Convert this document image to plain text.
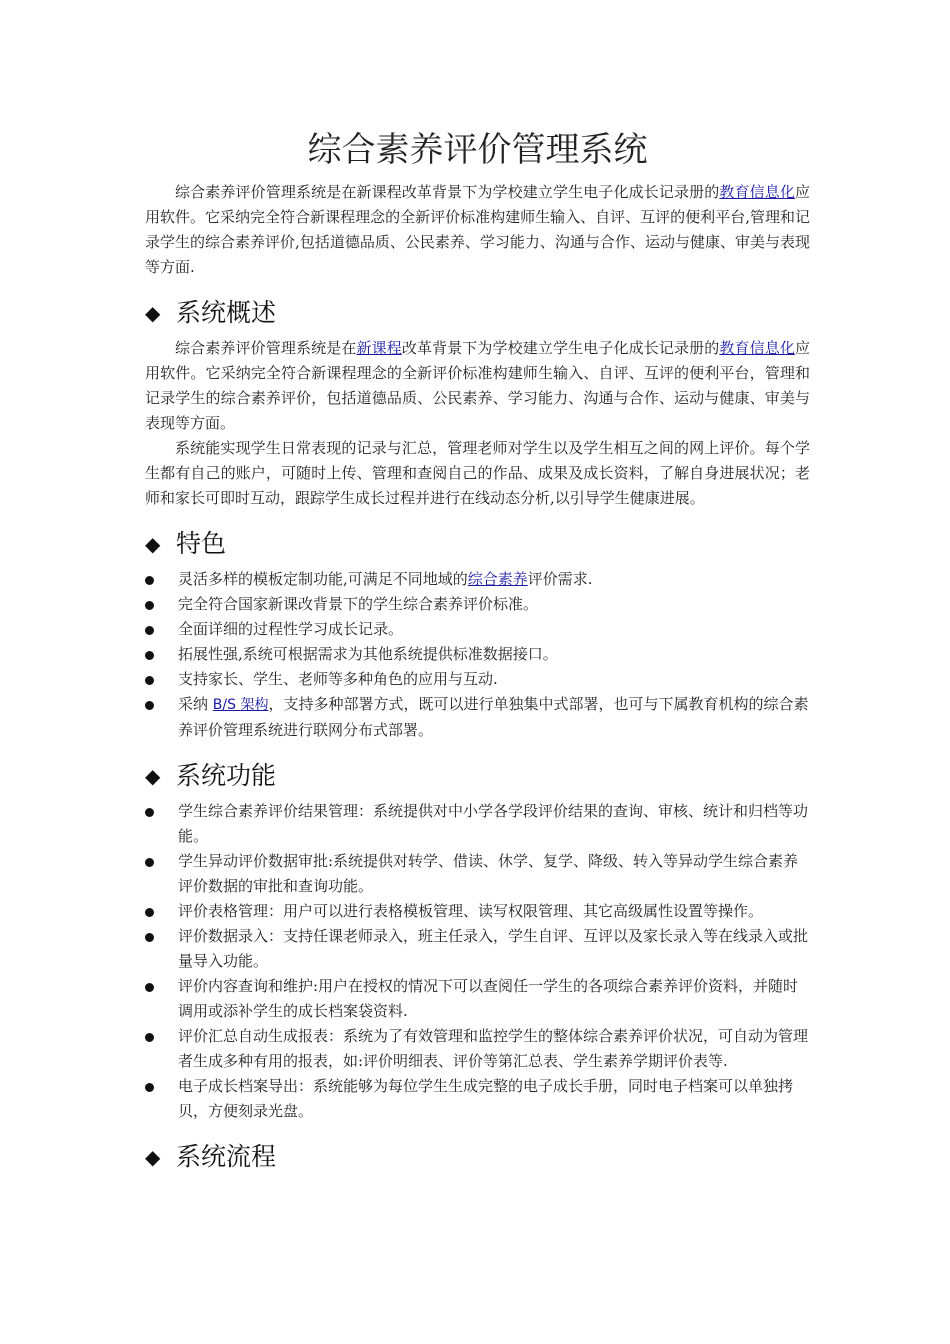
综合素养评价管理系统

综合素养评价管理系统是在新课程改革背景下为学校建立学生电子化成长记录册的教育信息化应用软件。它采纳完全符合新课程理念的全新评价标准构建师生输入、自评、互评的便利平台,管理和记录学生的综合素养评价,包括道德品质、公民素养、学习能力、沟通与合作、运动与健康、审美与表现等方面.

◆ 系统概述

综合素养评价管理系统是在新课程改革背景下为学校建立学生电子化成长记录册的教育信息化应用软件。它采纳完全符合新课程理念的全新评价标准构建师生输入、自评、互评的便利平台，管理和记录学生的综合素养评价，包括道德品质、公民素养、学习能力、沟通与合作、运动与健康、审美与表现等方面。

系统能实现学生日常表现的记录与汇总，管理老师对学生以及学生相互之间的网上评价。每个学生都有自己的账户，可随时上传、管理和查阅自己的作品、成果及成长资料，了解自身进展状况；老师和家长可即时互动，跟踪学生成长过程并进行在线动态分析,以引导学生健康进展。

◆ 特色
灵活多样的模板定制功能,可满足不同地域的综合素养评价需求.
完全符合国家新课改背景下的学生综合素养评价标准。
全面详细的过程性学习成长记录。
拓展性强,系统可根据需求为其他系统提供标准数据接口。
支持家长、学生、老师等多种角色的应用与互动.
采纳 B/S 架构，支持多种部署方式，既可以进行单独集中式部署，也可与下属教育机构的综合素养评价管理系统进行联网分布式部署。
◆ 系统功能
学生综合素养评价结果管理：系统提供对中小学各学段评价结果的查询、审核、统计和归档等功能。
学生异动评价数据审批:系统提供对转学、借读、休学、复学、降级、转入等异动学生综合素养评价数据的审批和查询功能。
评价表格管理：用户可以进行表格模板管理、读写权限管理、其它高级属性设置等操作。
评价数据录入：支持任课老师录入，班主任录入，学生自评、互评以及家长录入等在线录入或批量导入功能。
评价内容查询和维护:用户在授权的情况下可以查阅任一学生的各项综合素养评价资料，并随时调用或添补学生的成长档案袋资料.
评价汇总自动生成报表：系统为了有效管理和监控学生的整体综合素养评价状况，可自动为管理者生成多种有用的报表，如:评价明细表、评价等第汇总表、学生素养学期评价表等.
电子成长档案导出：系统能够为每位学生生成完整的电子成长手册，同时电子档案可以单独拷贝，方便刻录光盘。
◆ 系统流程
